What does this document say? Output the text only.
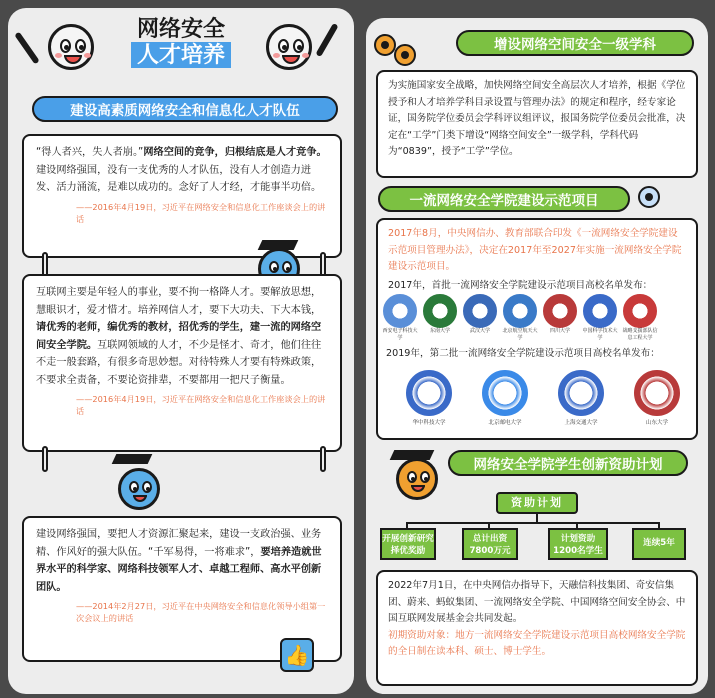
网络安全
人才培养
建设高素质网络安全和信息化人才队伍
“得人者兴，失人者崩。”网络空间的竞争，归根结底是人才竞争。建设网络强国，没有一支优秀的人才队伍，没有人才创造力迸发、活力涌流，是难以成功的。念好了人才经，才能事半功倍。
—— 2016年4月19日，习近平在网络安全和信息化工作座谈会上的讲话
互联网主要是年轻人的事业，要不拘一格降人才。要解放思想，慧眼识才，爱才惜才。培养网信人才，要下大功夫、下大本钱，请优秀的老师，编优秀的教材，招优秀的学生，建一流的网络空间安全学院。互联网领域的人才，不少是怪才、奇才，他们往往不走一般套路，有很多奇思妙想。对待特殊人才要有特殊政策，不要求全责备，不要论资排辈，不要都用一把尺子衡量。
—— 2016年4月19日，习近平在网络安全和信息化工作座谈会上的讲话
建设网络强国，要把人才资源汇聚起来，建设一支政治强、业务精、作风好的强大队伍。“千军易得，一将难求”，要培养造就世界水平的科学家、网络科技领军人才、卓越工程师、高水平创新团队。
—— 2014年2月27日，习近平在中央网络安全和信息化领导小组第一次会议上的讲话
👍
增设网络空间安全一级学科
为实施国家安全战略，加快网络空间安全高层次人才培养，根据《学位授予和人才培养学科目录设置与管理办法》的规定和程序，经专家论证，国务院学位委员会学科评议组评议，报国务院学位委员会批准，决定在“工学”门类下增设“网络空间安全”一级学科，学科代码为“0839”，授予“工学”学位。
一流网络安全学院建设示范项目
2017年8月，中央网信办、教育部联合印发《一流网络安全学院建设示范项目管理办法》，决定在2017年至2027年实施一流网络安全学院建设示范项目。
2017年，首批一流网络安全学院建设示范项目高校名单发布：
西安电子科技大学
东南大学	武汉大学	北京航空航天大学
四川大学	中国科学技术大学
战略支援部队信息工程大学
2019年，第二批一流网络安全学院建设示范项目高校名单发布：
华中科技大学	北京邮电大学	上海交通大学	山东大学
网络安全学院学生创新资助计划
资助计划
开展创新研究择优奖励
总计出资7800万元
计划资助1200名学生
连续5年
2022年7月1日，在中央网信办指导下，天融信科技集团、奇安信集团、蔚来、蚂蚁集团、一流网络安全学院、中国网络空间安全协会、中国互联网发展基金会共同发起。
初期资助对象：地方一流网络安全学院建设示范项目高校网络安全学院的全日制在读本科、硕士、博士学生。
